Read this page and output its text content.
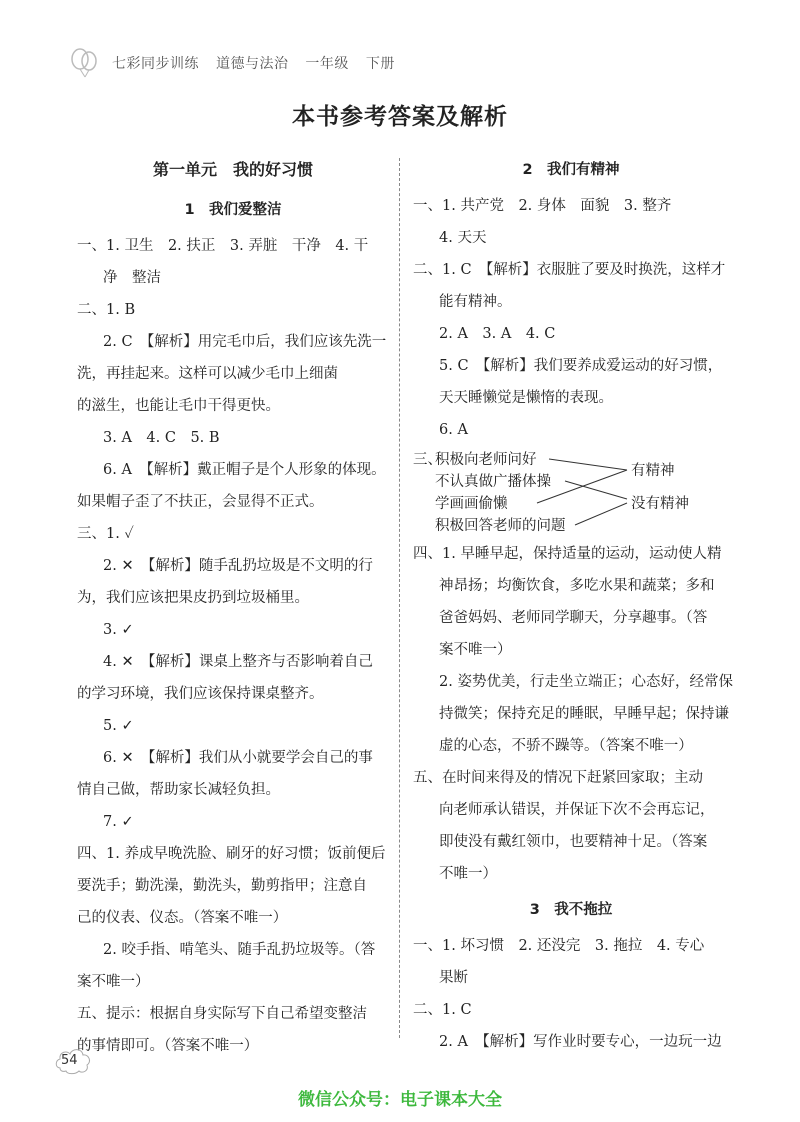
七彩同步训练 道德与法治 一年级 下册
本书参考答案及解析
第一单元　我的好习惯
1　我们爱整洁
一、1. 卫生　2. 扶正　3. 弄脏　干净　4. 干
净　整洁
二、1. B
2. C　【解析】用完毛巾后，我们应该先洗一
洗，再挂起来。这样可以减少毛巾上细菌
的滋生，也能让毛巾干得更快。
3. A　4. C　5. B
6. A　【解析】戴正帽子是个人形象的体现。
如果帽子歪了不扶正，会显得不正式。
三、1. ✓
2. ✕　【解析】随手乱扔垃圾是不文明的行
为，我们应该把果皮扔到垃圾桶里。
3. ✓
4. ✕　【解析】课桌上整齐与否影响着自己
的学习环境，我们应该保持课桌整齐。
5. ✓
6. ✕　【解析】我们从小就要学会自己的事
情自己做，帮助家长减轻负担。
7. ✓
四、1. 养成早晚洗脸、刷牙的好习惯；饭前便后
要洗手；勤洗澡，勤洗头，勤剪指甲；注意自
己的仪表、仪态。（答案不唯一）
2. 咬手指、啃笔头、随手乱扔垃圾等。（答
案不唯一）
五、提示：根据自身实际写下自己希望变整洁
的事情即可。（答案不唯一）
2　我们有精神
一、1. 共产党　2. 身体　面貌　3. 整齐
4. 天天
二、1. C　【解析】衣服脏了要及时换洗，这样才
能有精神。
2. A　3. A　4. C
5. C　【解析】我们要养成爱运动的好习惯，
天天睡懒觉是懒惰的表现。
6. A
三、
积极向老师问好
不认真做广播体操
学画画偷懒
积极回答老师的问题
有精神
没有精神
四、1. 早睡早起，保持适量的运动，运动使人精
神昂扬；均衡饮食，多吃水果和蔬菜；多和
爸爸妈妈、老师同学聊天，分享趣事。（答
案不唯一）
2. 姿势优美，行走坐立端正；心态好，经常保
持微笑；保持充足的睡眠，早睡早起；保持谦
虚的心态，不骄不躁等。（答案不唯一）
五、在时间来得及的情况下赶紧回家取；主动
向老师承认错误，并保证下次不会再忘记，
即使没有戴红领巾，也要精神十足。（答案
不唯一）
3　我不拖拉
一、1. 坏习惯　2. 还没完　3. 拖拉　4. 专心
果断
二、1. C
2. A　【解析】写作业时要专心，一边玩一边
54
微信公众号：电子课本大全
